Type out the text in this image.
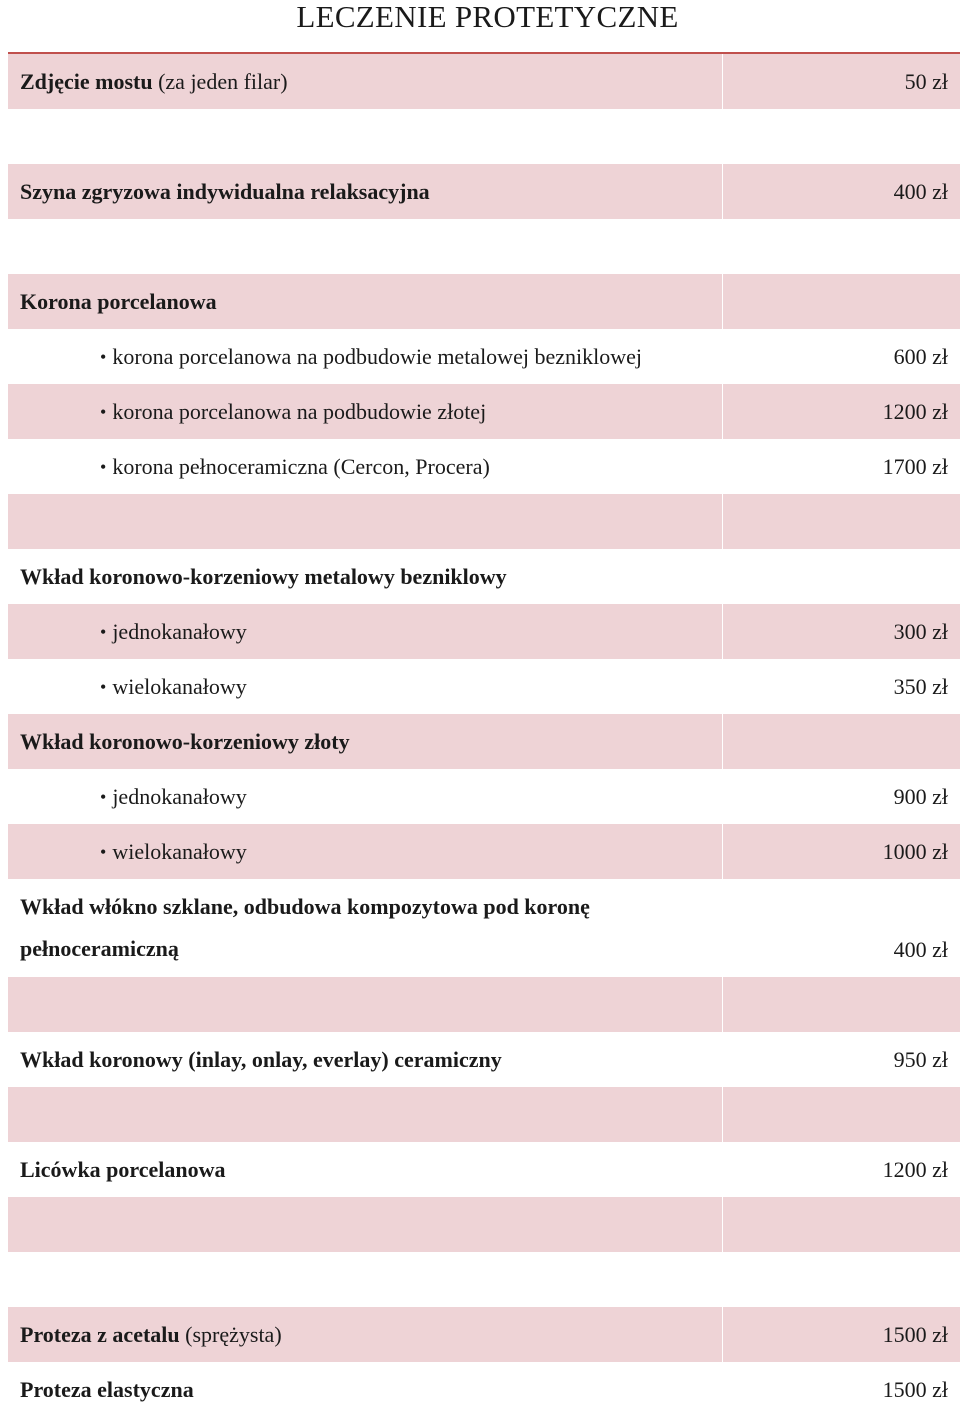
LECZENIE PROTETYCZNE
Zdjęcie mostu (za jeden filar)	50 zł
Szyna zgryzowa indywidualna relaksacyjna	400 zł
Korona porcelanowa
• korona porcelanowa na podbudowie metalowej bezniklowej	600 zł
• korona porcelanowa na podbudowie złotej	1200 zł
• korona pełnoceramiczna (Cercon, Procera)	1700 zł
Wkład koronowo-korzeniowy metalowy bezniklowy
• jednokanałowy	300 zł
• wielokanałowy	350 zł
Wkład koronowo-korzeniowy złoty
• jednokanałowy	900 zł
• wielokanałowy	1000 zł
Wkład włókno szklane, odbudowa kompozytowa pod koronę pełnoceramiczną	400 zł
Wkład koronowy (inlay, onlay, everlay) ceramiczny	950 zł
Licówka porcelanowa	1200 zł
Proteza z acetalu (sprężysta)	1500 zł
Proteza elastyczna	1500 zł
